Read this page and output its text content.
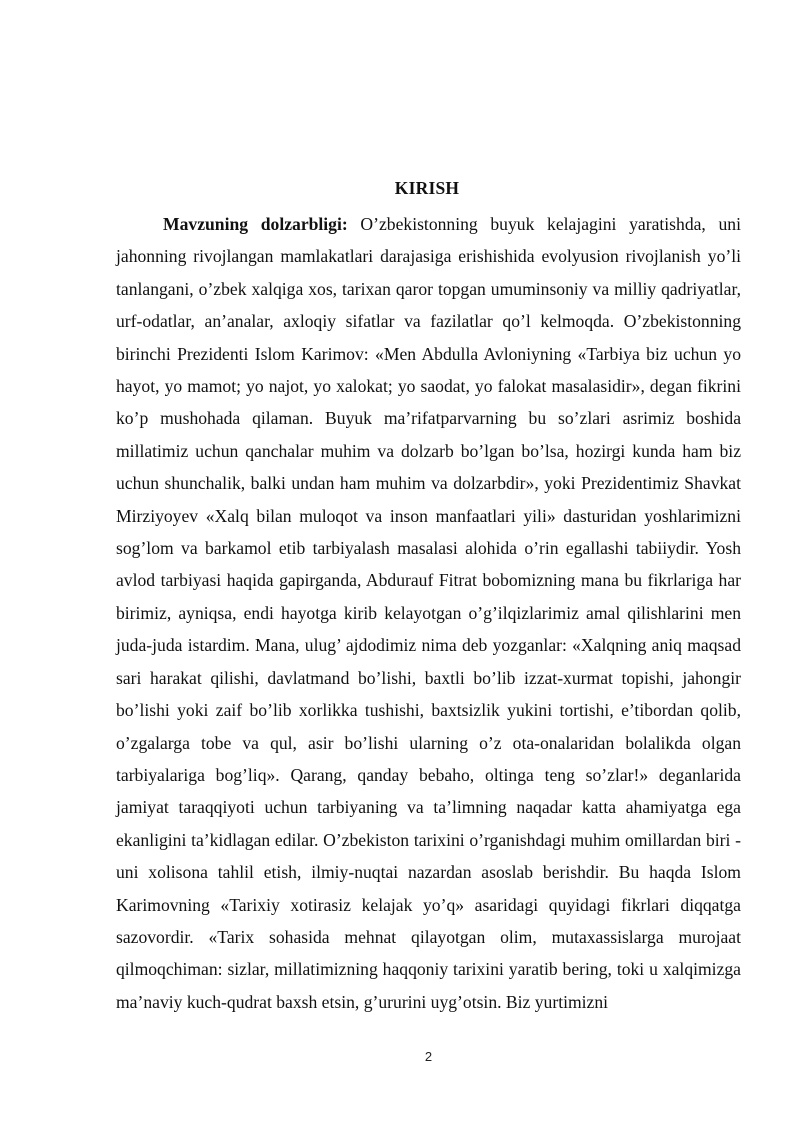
KIRISH

Mavzuning dolzarbligi: O’zbekistonning buyuk kelajagini yaratishda, uni jahonning rivojlangan mamlakatlari darajasiga erishishida evolyusion rivojlanish yo’li tanlangani, o’zbek xalqiga xos, tarixan qaror topgan umuminsoniy va milliy qadriyatlar, urf-odatlar, an’analar, axloqiy sifatlar va fazilatlar qo’l kelmoqda. O’zbekistonning birinchi Prezidenti Islom Karimov: «Men Abdulla Avloniyning «Tarbiya biz uchun yo hayot, yo mamot; yo najot, yo xalokat; yo saodat, yo falokat masalasidir», degan fikrini ko’p mushohada qilaman. Buyuk ma’rifatparvarning bu so’zlari asrimiz boshida millatimiz uchun qanchalar muhim va dolzarb bo’lgan bo’lsa, hozirgi kunda ham biz uchun shunchalik, balki undan ham muhim va dolzarbdir», yoki Prezidentimiz Shavkat Mirziyoyev «Xalq bilan muloqot va inson manfaatlari yili» dasturidan yoshlarimizni sog’lom va barkamol etib tarbiyalash masalasi alohida o’rin egallashi tabiiydir. Yosh avlod tarbiyasi haqida gapirganda, Abdurauf Fitrat bobomizning mana bu fikrlariga har birimiz, ayniqsa, endi hayotga kirib kelayotgan o’g’ilqizlarimiz amal qilishlarini men juda-juda istardim. Mana, ulug’ ajdodimiz nima deb yozganlar: «Xalqning aniq maqsad sari harakat qilishi, davlatmand bo’lishi, baxtli bo’lib izzat-xurmat topishi, jahongir bo’lishi yoki zaif bo’lib xorlikka tushishi, baxtsizlik yukini tortishi, e’tibordan qolib, o’zgalarga tobe va qul, asir bo’lishi ularning o’z ota-onalaridan bolalikda olgan tarbiyalariga bog’liq». Qarang, qanday bebaho, oltinga teng so’zlar!» deganlarida jamiyat taraqqiyoti uchun tarbiyaning va ta’limning naqadar katta ahamiyatga ega ekanligini ta’kidlagan edilar. O’zbekiston tarixini o’rganishdagi muhim omillardan biri - uni xolisona tahlil etish, ilmiy-nuqtai nazardan asoslab berishdir. Bu haqda Islom Karimovning «Tarixiy xotirasiz kelajak yo’q» asaridagi quyidagi fikrlari diqqatga sazovordir. «Tarix sohasida mehnat qilayotgan olim, mutaxassislarga murojaat qilmoqchiman: sizlar, millatimizning haqqoniy tarixini yaratib bering, toki u xalqimizga ma’naviy kuch-qudrat baxsh etsin, g’ururini uyg’otsin. Biz yurtimizni

2
